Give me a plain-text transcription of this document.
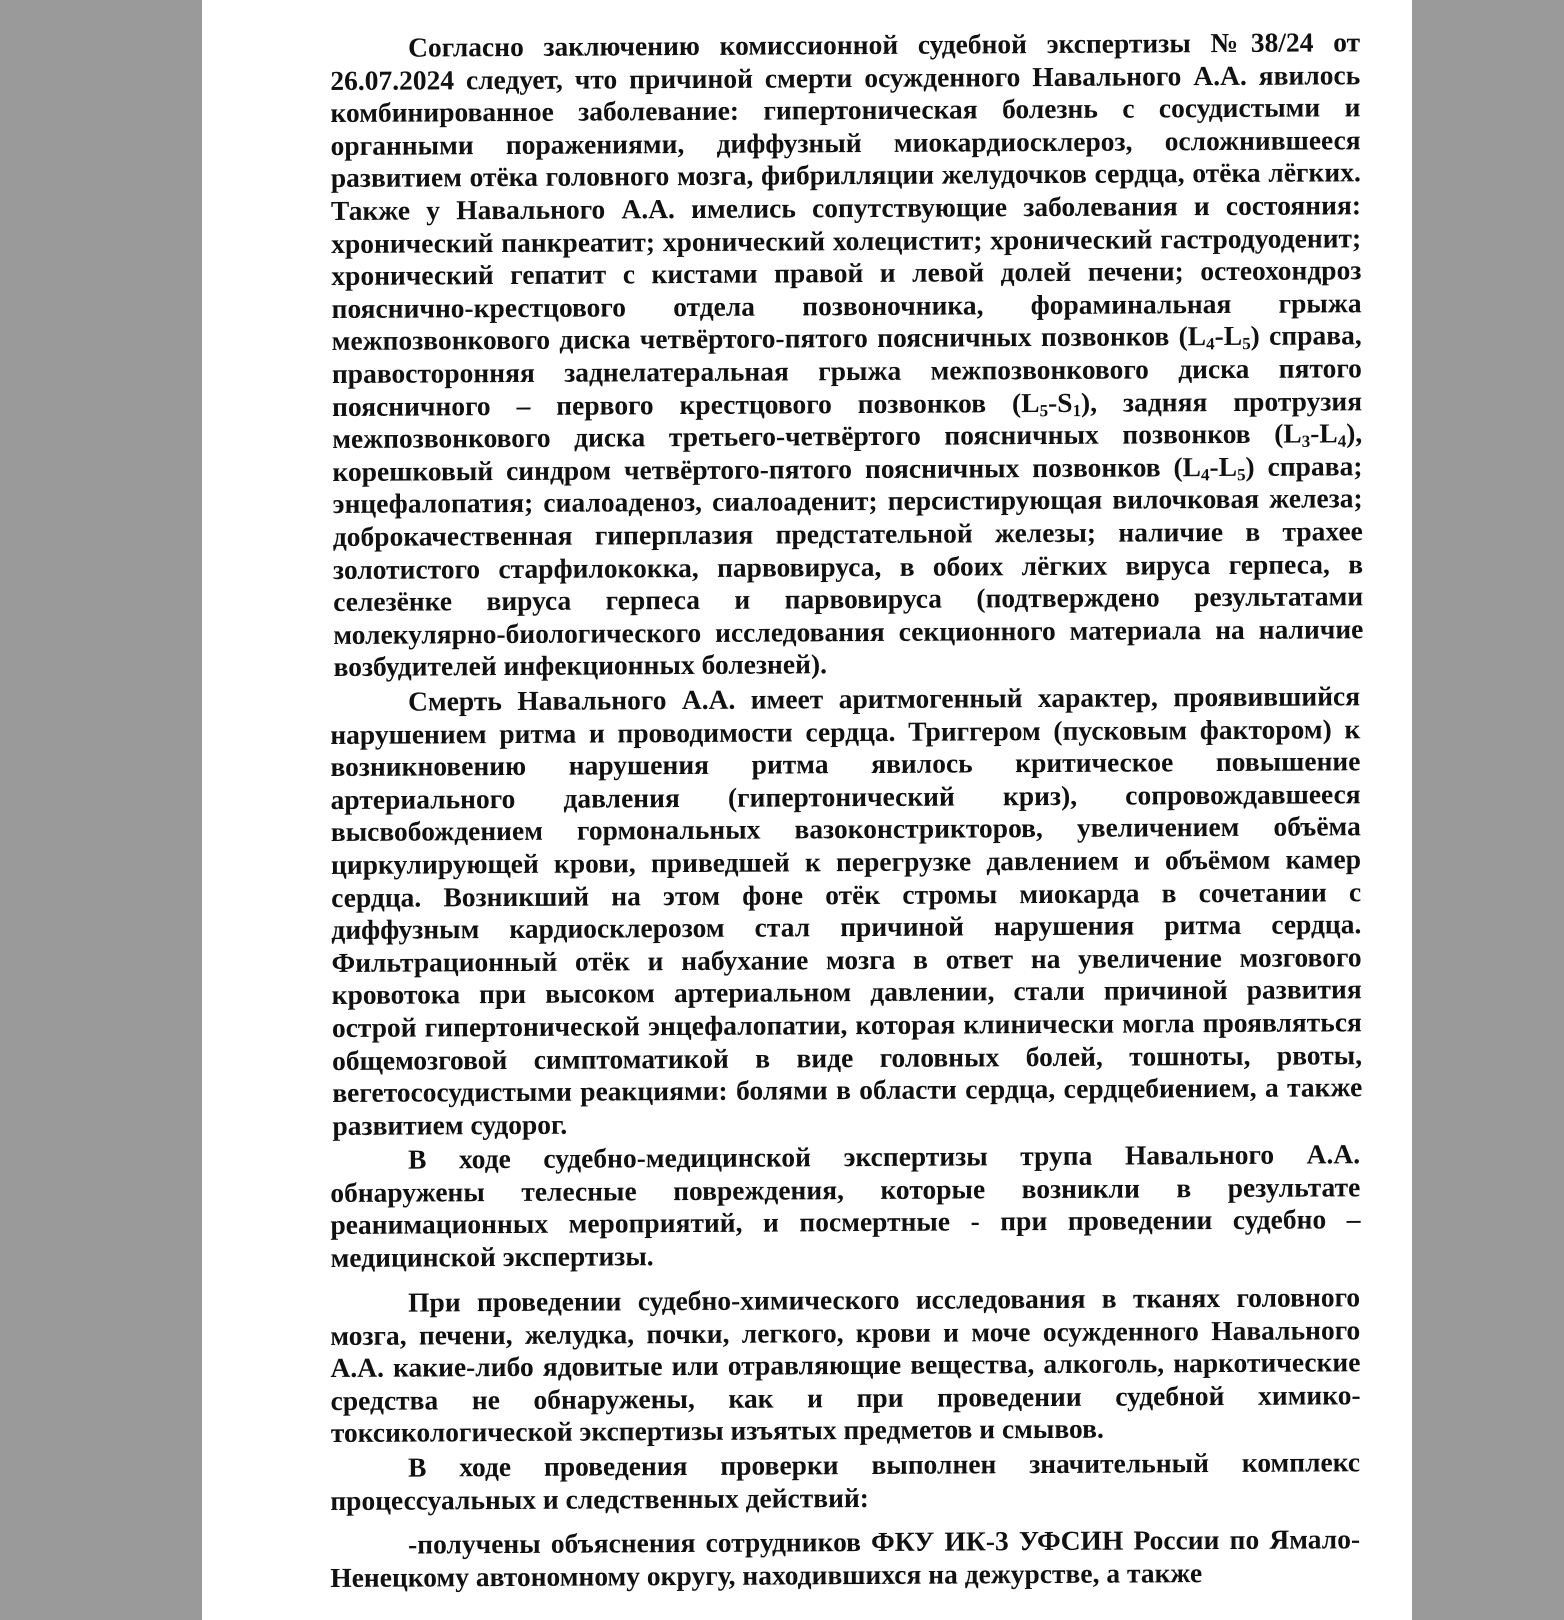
Согласно заключению комиссионной судебной экспертизы №38/24 от 26.07.2024 следует, что причиной смерти осужденного Навального А.А. явилось комбинированное заболевание: гипертоническая болезнь с сосудистыми и органными поражениями, диффузный миокардиосклероз, осложнившееся развитием отёка головного мозга, фибрилляции желудочков сердца, отёка лёгких. Также у Навального А.А. имелись сопутствующие заболевания и состояния: хронический панкреатит; хронический холецистит; хронический гастродуоденит; хронический гепатит с кистами правой и левой долей печени; остеохондроз пояснично-крестцового отдела позвоночника, фораминальная грыжа межпозвонкового диска четвёртого-пятого поясничных позвонков $(L_4-L_5)$ справа, правосторонняя заднелатеральная грыжа межпозвонкового диска пятого поясничного – первого крестцового позвонков $(L_5-S_1)$, задняя протрузия межпозвонкового диска третьего-четвёртого поясничных позвонков $(L_3-L_4)$, корешковый синдром четвёртого-пятого поясничных позвонков $(L_4-L_5)$ справа; энцефалопатия; сиалоаденоз, сиалоаденит; персистирующая вилочковая железа; доброкачественная гиперплазия предстательной железы; наличие в трахее золотистого старфилококка, парвовируса, в обоих лёгких вируса герпеса, в селезёнке вируса герпеса и парвовируса (подтверждено результатами молекулярно-биологического исследования секционного материала на наличие возбудителей инфекционных болезней).

Смерть Навального А.А. имеет аритмогенный характер, проявившийся нарушением ритма и проводимости сердца. Триггером (пусковым фактором) к возникновению нарушения ритма явилось критическое повышение артериального давления (гипертонический криз), сопровождавшееся высвобождением гормональных вазоконстрикторов, увеличением объёма циркулирующей крови, приведшей к перегрузке давлением и объёмом камер сердца. Возникший на этом фоне отёк стромы миокарда в сочетании с диффузным кардиосклерозом стал причиной нарушения ритма сердца. Фильтрационный отёк и набухание мозга в ответ на увеличение мозгового кровотока при высоком артериальном давлении, стали причиной развития острой гипертонической энцефалопатии, которая клинически могла проявляться общемозговой симптоматикой в виде головных болей, тошноты, рвоты, вегетососудистыми реакциями: болями в области сердца, сердцебиением, а также развитием судорог.

В ходе судебно-медицинской экспертизы трупа Навального А.А. обнаружены телесные повреждения, которые возникли в результате реанимационных мероприятий, и посмертные - при проведении судебно – медицинской экспертизы.

При проведении судебно-химического исследования в тканях головного мозга, печени, желудка, почки, легкого, крови и моче осужденного Навального А.А. какие-либо ядовитые или отравляющие вещества, алкоголь, наркотические средства не обнаружены, как и при проведении судебной химико-токсикологической экспертизы изъятых предметов и смывов.

В ходе проведения проверки выполнен значительный комплекс процессуальных и следственных действий:

-получены объяснения сотрудников ФКУ ИК-3 УФСИН России по Ямало-Ненецкому автономному округу, находившихся на дежурстве, а также
